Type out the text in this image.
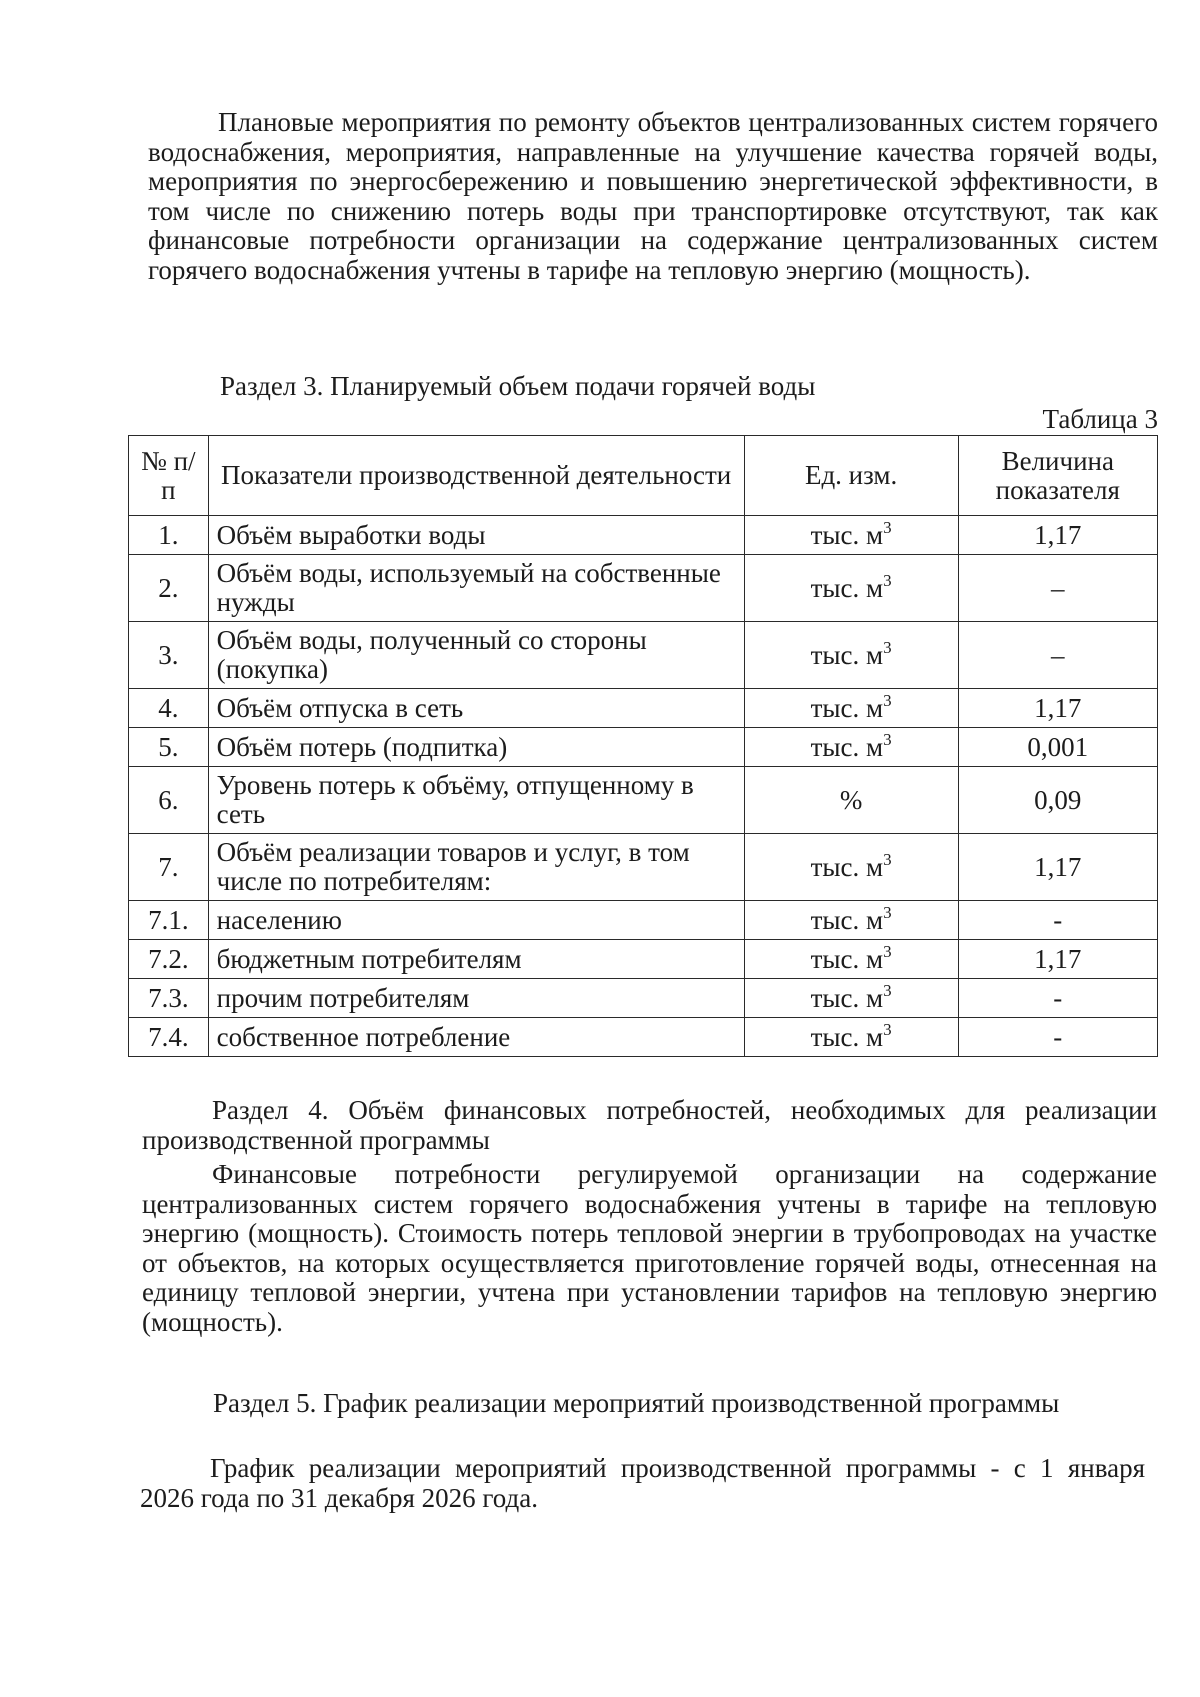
Плановые мероприятия по ремонту объектов централизованных систем горячего водоснабжения, мероприятия, направленные на улучшение качества горячей воды, мероприятия по энергосбережению и повышению энергетической эффективности, в том числе по снижению потерь воды при транспортировке отсутствуют, так как финансовые потребности организации на содержание централизованных систем горячего водоснабжения учтены в тарифе на тепловую энергию (мощность).

Раздел 3. Планируемый объем подачи горячей воды

Таблица 3

№ п/п	Показатели производственной деятельности	Ед. изм.	Величина показателя
1.	Объём выработки воды	тыс. $м^3$	1,17
2.	Объём воды, используемый на собственные нужды	тыс. $м^3$	–
3.	Объём воды, полученный со стороны (покупка)	тыс. $м^3$	–
4.	Объём отпуска в сеть	тыс. $м^3$	1,17
5.	Объём потерь (подпитка)	тыс. $м^3$	0,001
6.	Уровень потерь к объёму, отпущенному в сеть	%	0,09
7.	Объём реализации товаров и услуг, в том числе по потребителям:	тыс. $м^3$	1,17
7.1.	населению	тыс. $м^3$	-
7.2.	бюджетным потребителям	тыс. $м^3$	1,17
7.3.	прочим потребителям	тыс. $м^3$	-
7.4.	собственное потребление	тыс. $м^3$	-

Раздел 4. Объём финансовых потребностей, необходимых для реализации производственной программы

Финансовые потребности регулируемой организации на содержание централизованных систем горячего водоснабжения учтены в тарифе на тепловую энергию (мощность). Стоимость потерь тепловой энергии в трубопроводах на участке от объектов, на которых осуществляется приготовление горячей воды, отнесенная на единицу тепловой энергии, учтена при установлении тарифов на тепловую энергию (мощность).

Раздел 5. График реализации мероприятий производственной программы

График реализации мероприятий производственной программы - с 1 января 2026 года по 31 декабря 2026 года.
